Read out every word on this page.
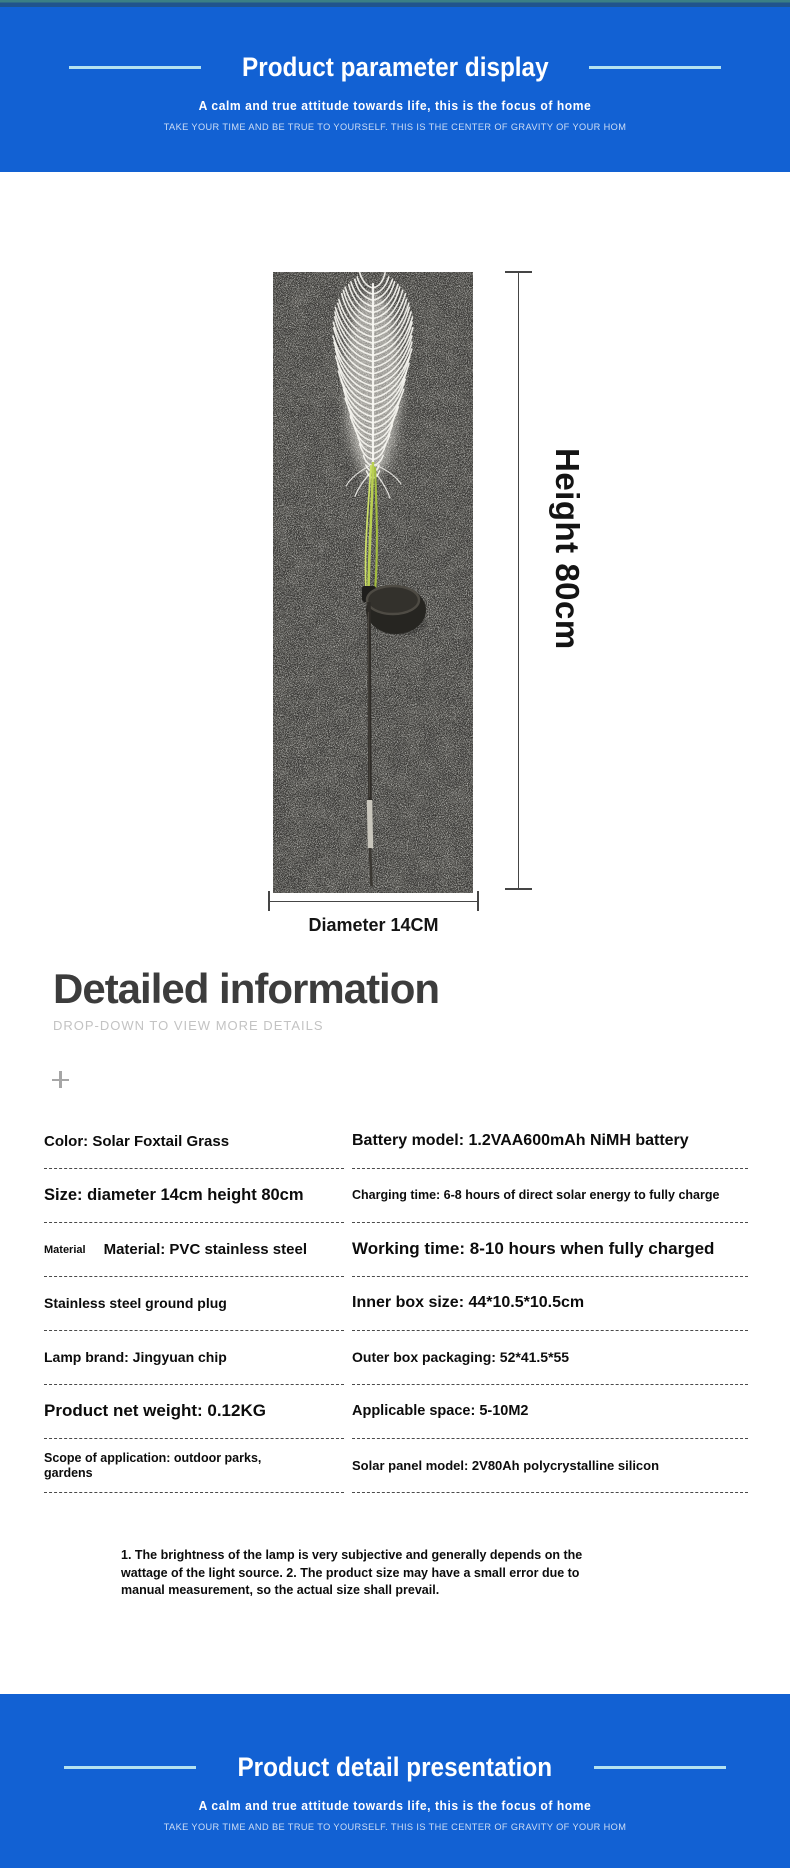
Product parameter display
A calm and true attitude towards life, this is the focus of home
TAKE YOUR TIME AND BE TRUE TO YOURSELF. THIS IS THE CENTER OF GRAVITY OF YOUR HOM
Height 80cm
Diameter 14CM
Detailed information
DROP-DOWN TO VIEW MORE DETAILS
Color: Solar Foxtail Grass	Battery model: 1.2VAA600mAh NiMH battery
Size: diameter 14cm height 80cm	Charging time: 6-8 hours of direct solar energy to fully charge
Material Material: PVC stainless steel	Working time: 8-10 hours when fully charged
Stainless steel ground plug	Inner box size: 44*10.5*10.5cm
Lamp brand: Jingyuan chip	Outer box packaging: 52*41.5*55
Product net weight: 0.12KG	Applicable space: 5-10M2
Scope of application: outdoor parks, gardens	Solar panel model: 2V80Ah polycrystalline silicon
1. The brightness of the lamp is very subjective and generally depends on the wattage of the light source. 2. The product size may have a small error due to manual measurement, so the actual size shall prevail.
Product detail presentation
A calm and true attitude towards life, this is the focus of home
TAKE YOUR TIME AND BE TRUE TO YOURSELF. THIS IS THE CENTER OF GRAVITY OF YOUR HOM
